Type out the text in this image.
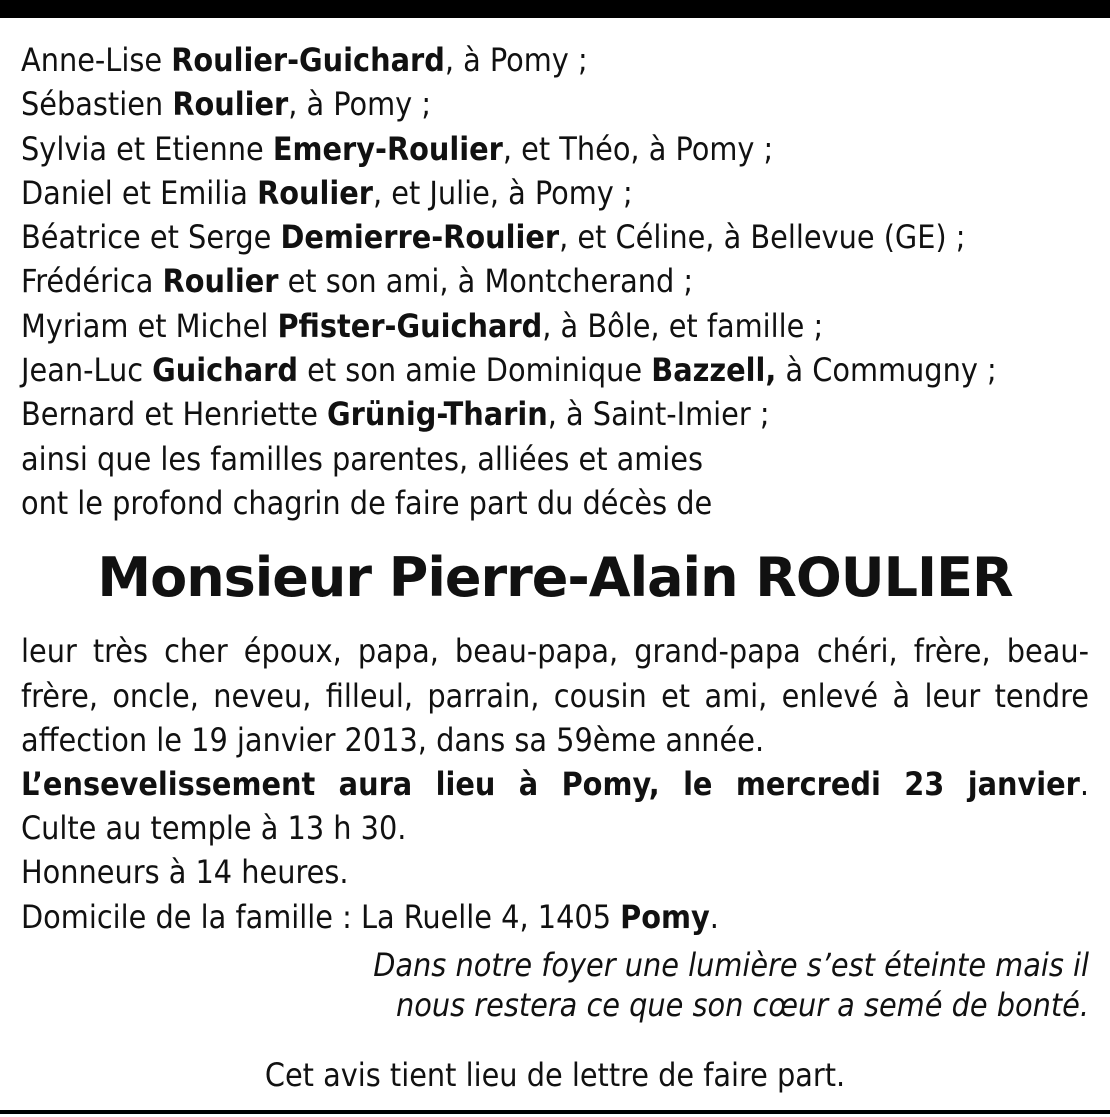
Anne-Lise Roulier-Guichard, à Pomy ;
Sébastien Roulier, à Pomy ;
Sylvia et Etienne Emery-Roulier, et Théo, à Pomy ;
Daniel et Emilia Roulier, et Julie, à Pomy ;
Béatrice et Serge Demierre-Roulier, et Céline, à Bellevue (GE) ;
Frédérica Roulier et son ami, à Montcherand ;
Myriam et Michel Pfister-Guichard, à Bôle, et famille ;
Jean-Luc Guichard et son amie Dominique Bazzell, à Commugny ;
Bernard et Henriette Grünig-Tharin, à Saint-Imier ;
ainsi que les familles parentes, alliées et amies
ont le profond chagrin de faire part du décès de
Monsieur Pierre-Alain ROULIER
leur très cher époux, papa, beau-papa, grand-papa chéri, frère, beau-
frère, oncle, neveu, filleul, parrain, cousin et ami, enlevé à leur tendre
affection le 19 janvier 2013, dans sa 59ème année.
L’ensevelissement aura lieu à Pomy, le mercredi 23 janvier.
Culte au temple à 13 h 30.
Honneurs à 14 heures.
Domicile de la famille : La Ruelle 4, 1405 Pomy.
Dans notre foyer une lumière s’est éteinte mais il
nous restera ce que son cœur a semé de bonté.
Cet avis tient lieu de lettre de faire part.
